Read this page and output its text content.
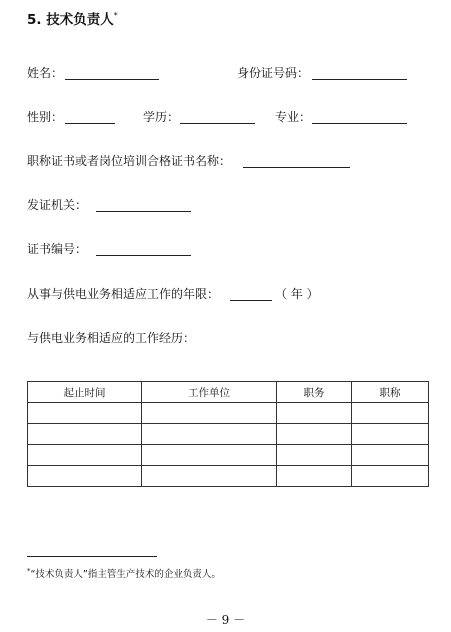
5. 技术负责人*
姓名：	身份证号码：
性别：	学历：	专业：
职称证书或者岗位培训合格证书名称：
发证机关：
证书编号：
从事与供电业务相适应工作的年限：	（ 年 ）
与供电业务相适应的工作经历：
起止时间	工作单位	职务	职称

*“技术负责人”指主管生产技术的企业负责人。
－ 9 －
